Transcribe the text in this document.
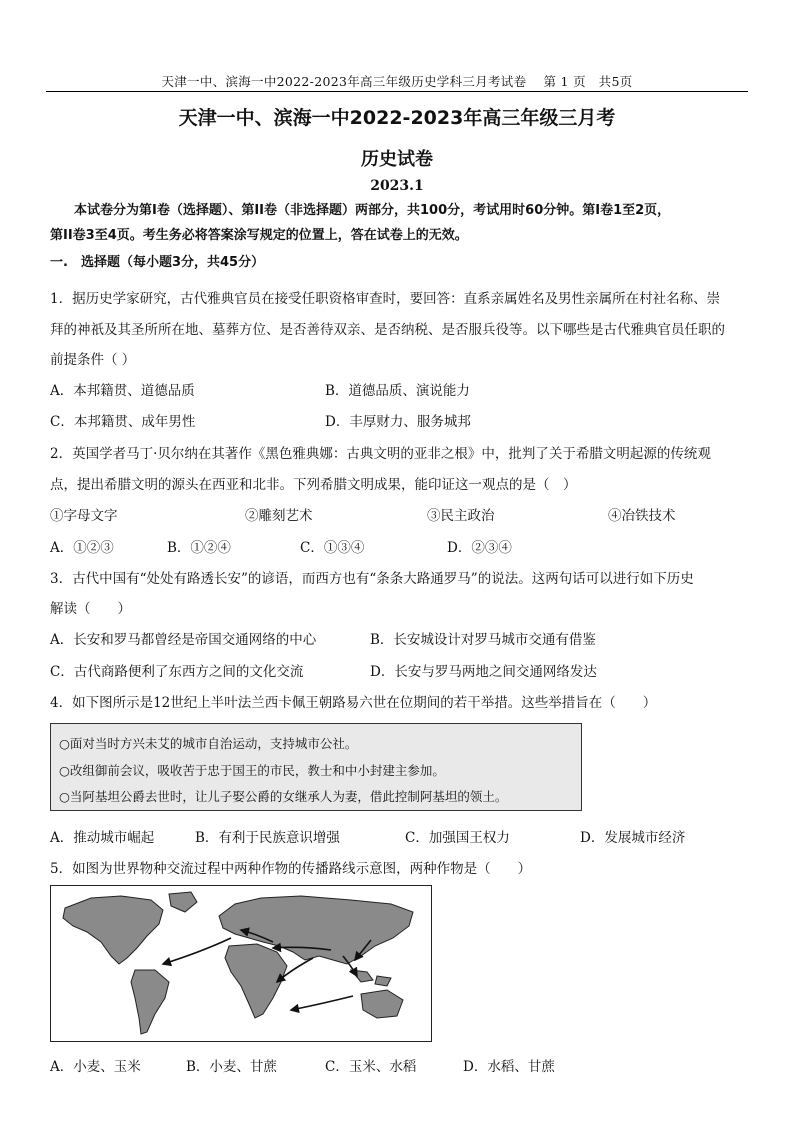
天津一中、滨海一中2022-2023年高三年级历史学科三月考试卷　 第 1 页　共5页
天津一中、滨海一中2022-2023年高三年级三月考
历史试卷
2023.1
本试卷分为第Ⅰ卷（选择题）、第II卷（非选择题）两部分，共100分，考试用时60分钟。第Ⅰ卷1至2页，
第II卷3至4页。考生务必将答案涂写规定的位置上，答在试卷上的无效。
一.　选择题（每小题3分，共45分）
1．据历史学家研究，古代雅典官员在接受任职资格审查时，要回答：直系亲属姓名及男性亲属所在村社名称、崇
拜的神祇及其圣所所在地、墓葬方位、是否善待双亲、是否纳税、是否服兵役等。以下哪些是古代雅典官员任职的
前提条件（ ）
A．本邦籍贯、道德品质	B．道德品质、演说能力
C．本邦籍贯、成年男性	D．丰厚财力、服务城邦
2．英国学者马丁·贝尔纳在其著作《黑色雅典娜：古典文明的亚非之根》中，批判了关于希腊文明起源的传统观
点，提出希腊文明的源头在西亚和北非。下列希腊文明成果，能印证这一观点的是（　）
①字母文字	②雕刻艺术	③民主政治	④冶铁技术
A．①②③	B．①②④	C．①③④	D．②③④
3．古代中国有“处处有路透长安”的谚语，而西方也有“条条大路通罗马”的说法。这两句话可以进行如下历史
解读（　　）
A．长安和罗马都曾经是帝国交通网络的中心	B．长安城设计对罗马城市交通有借鉴
C．古代商路便利了东西方之间的文化交流	D．长安与罗马两地之间交通网络发达
4．如下图所示是12世纪上半叶法兰西卡佩王朝路易六世在位期间的若干举措。这些举措旨在（　　）
○面对当时方兴未艾的城市自治运动，支持城市公社。
○改组御前会议，吸收苦于忠于国王的市民，教士和中小封建主参加。
○当阿基坦公爵去世时，让儿子娶公爵的女继承人为妻，借此控制阿基坦的领土。
A．推动城市崛起	B．有利于民族意识增强	C．加强国王权力	D．发展城市经济
5．如图为世界物种交流过程中两种作物的传播路线示意图，两种作物是（　　）
A．小麦、玉米	B．小麦、甘蔗	C．玉米、水稻	D．水稻、甘蔗
